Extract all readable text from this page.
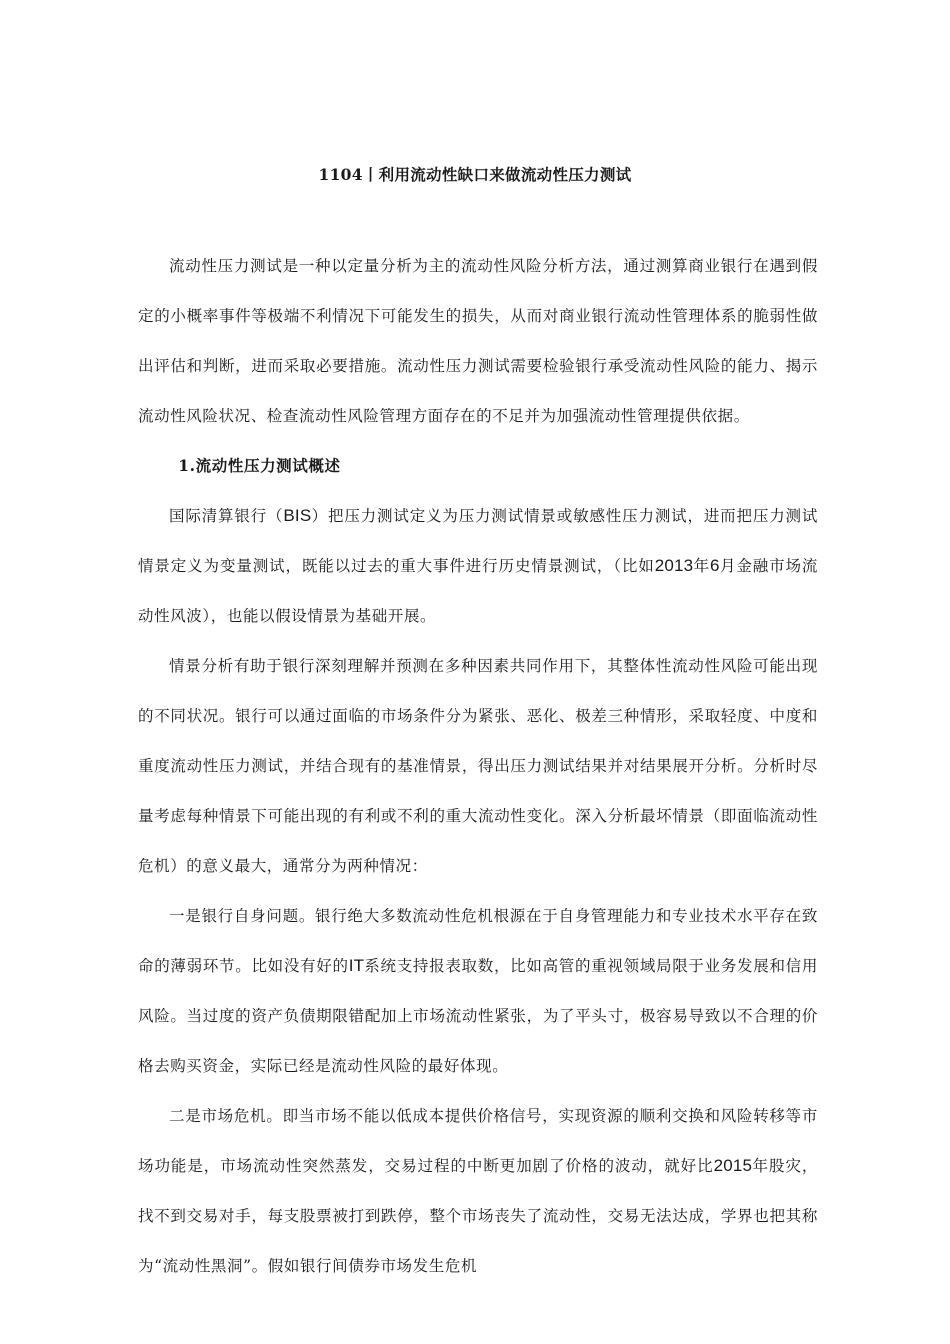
1104丨利用流动性缺口来做流动性压力测试

流动性压力测试是一种以定量分析为主的流动性风险分析方法，通过测算商业银行在遇到假定的小概率事件等极端不利情况下可能发生的损失，从而对商业银行流动性管理体系的脆弱性做出评估和判断，进而采取必要措施。流动性压力测试需要检验银行承受流动性风险的能力、揭示流动性风险状况、检查流动性风险管理方面存在的不足并为加强流动性管理提供依据。

1.流动性压力测试概述

国际清算银行（BIS）把压力测试定义为压力测试情景或敏感性压力测试，进而把压力测试情景定义为变量测试，既能以过去的重大事件进行历史情景测试，（比如2013年6月金融市场流动性风波），也能以假设情景为基础开展。

情景分析有助于银行深刻理解并预测在多种因素共同作用下，其整体性流动性风险可能出现的不同状况。银行可以通过面临的市场条件分为紧张、恶化、极差三种情形，采取轻度、中度和重度流动性压力测试，并结合现有的基准情景，得出压力测试结果并对结果展开分析。分析时尽量考虑每种情景下可能出现的有利或不利的重大流动性变化。深入分析最坏情景（即面临流动性危机）的意义最大，通常分为两种情况：

一是银行自身问题。银行绝大多数流动性危机根源在于自身管理能力和专业技术水平存在致命的薄弱环节。比如没有好的IT系统支持报表取数，比如高管的重视领域局限于业务发展和信用风险。当过度的资产负债期限错配加上市场流动性紧张，为了平头寸，极容易导致以不合理的价格去购买资金，实际已经是流动性风险的最好体现。

二是市场危机。即当市场不能以低成本提供价格信号，实现资源的顺利交换和风险转移等市场功能是，市场流动性突然蒸发，交易过程的中断更加剧了价格的波动，就好比2015年股灾，找不到交易对手，每支股票被打到跌停，整个市场丧失了流动性，交易无法达成，学界也把其称为“流动性黑洞”。假如银行间债券市场发生危机
